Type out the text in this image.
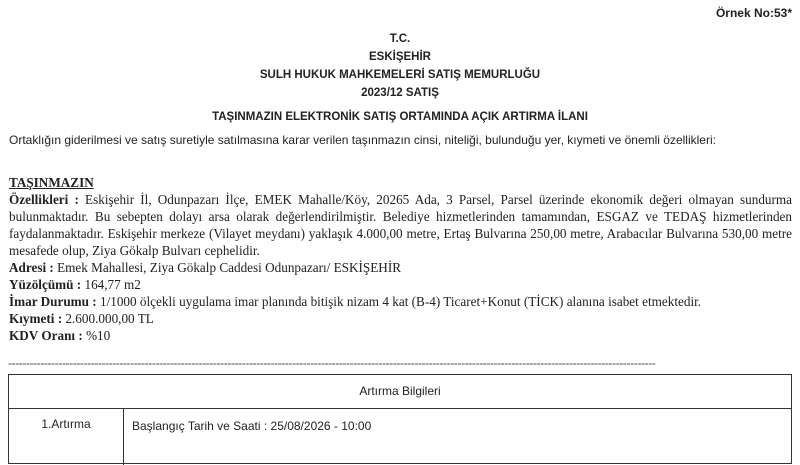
Örnek No:53*
T.C.
ESKİŞEHİR
SULH HUKUK MAHKEMELERİ SATIŞ MEMURLUĞU
2023/12 SATIŞ
TAŞINMAZIN ELEKTRONİK SATIŞ ORTAMINDA AÇIK ARTIRMA İLANI
Ortaklığın giderilmesi ve satış suretiyle satılmasına karar verilen taşınmazın cinsi, niteliği, bulunduğu yer, kıymeti ve önemli özellikleri:
TAŞINMAZIN
Özellikleri : Eskişehir İl, Odunpazarı İlçe, EMEK Mahalle/Köy, 20265 Ada, 3 Parsel, Parsel üzerinde ekonomik değeri olmayan sundurma bulunmaktadır. Bu sebepten dolayı arsa olarak değerlendirilmiştir. Belediye hizmetlerinden tamamından, ESGAZ ve TEDAŞ hizmetlerinden faydalanmaktadır. Eskişehir merkeze (Vilayet meydanı) yaklaşık 4.000,00 metre, Ertaş Bulvarına 250,00 metre, Arabacılar Bulvarına 530,00 metre mesafede olup, Ziya Gökalp Bulvarı cephelidir.
Adresi : Emek Mahallesi, Ziya Gökalp Caddesi Odunpazarı/ ESKİŞEHİR
Yüzölçümü : 164,77 m2
İmar Durumu : 1/1000 ölçekli uygulama imar planında bitişik nizam 4 kat (B-4) Ticaret+Konut (TİCK) alanına isabet etmektedir.
Kıymeti : 2.600.000,00 TL
KDV Oranı : %10
------------------------------------------------------------------------------------------------------------------------------------------------------------------------------------
Artırma Bilgileri
1.Artırma	Başlangıç Tarih ve Saati : 25/08/2026 - 10:00
